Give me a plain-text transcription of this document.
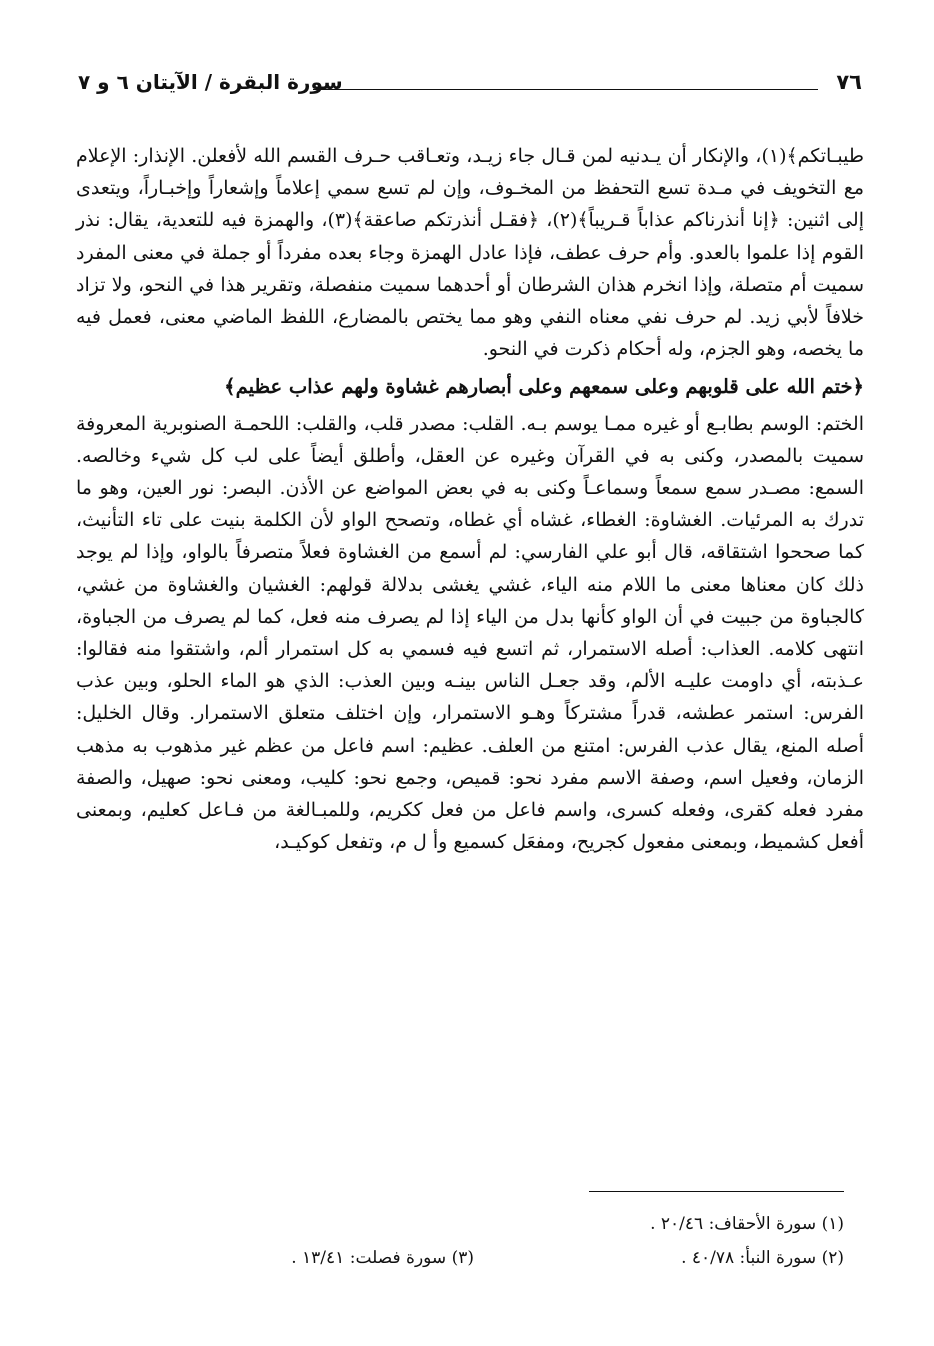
٧٦
سورة البقرة / الآيتان ٦ و ٧

طيبـاتكم﴾(١)، والإنكار أن يـدنيه لمن قـال جاء زيـد، وتعـاقب حـرف القسم الله لأفعلن. الإنذار: الإعلام مع التخويف في مـدة تسع التحفظ من المخـوف، وإن لم تسع سمي إعلاماً وإشعاراً وإخبـاراً، ويتعدى إلى اثنين: ﴿إنا أنذرناكم عذاباً قـريباً﴾(٢)، ﴿فقـل أنذرتكم صاعقة﴾(٣)، والهمزة فيه للتعدية، يقال: نذر القوم إذا علموا بالعدو. وأم حرف عطف، فإذا عادل الهمزة وجاء بعده مفرداً أو جملة في معنى المفرد سميت أم متصلة، وإذا انخرم هذان الشرطان أو أحدهما سميت منفصلة، وتقرير هذا في النحو، ولا تزاد خلافاً لأبي زيد. لم حرف نفي معناه النفي وهو مما يختص بالمضارع، اللفظ الماضي معنى، فعمل فيه ما يخصه، وهو الجزم، وله أحكام ذكرت في النحو.

﴿ختم الله على قلوبهم وعلى سمعهم وعلى أبصارهم غشاوة ولهم عذاب عظيم﴾

الختم: الوسم بطابـع أو غيره ممـا يوسم بـه. القلب: مصدر قلب، والقلب: اللحمـة الصنوبرية المعروفة سميت بالمصدر، وكنى به في القرآن وغيره عن العقل، وأطلق أيضاً على لب كل شيء وخالصه. السمع: مصـدر سمع سمعاً وسماعـاً وكنى به في بعض المواضع عن الأذن. البصر: نور العين، وهو ما تدرك به المرئيات. الغشاوة: الغطاء، غشاه أي غطاه، وتصحح الواو لأن الكلمة بنيت على تاء التأنيث، كما صححوا اشتقاقه، قال أبو علي الفارسي: لم أسمع من الغشاوة فعلاً متصرفاً بالواو، وإذا لم يوجد ذلك كان معناها معنى ما اللام منه الياء، غشي يغشى بدلالة قولهم: الغشيان والغشاوة من غشي، كالجباوة من جبيت في أن الواو كأنها بدل من الياء إذا لم يصرف منه فعل، كما لم يصرف من الجباوة، انتهى كلامه. العذاب: أصله الاستمرار، ثم اتسع فيه فسمي به كل استمرار ألم، واشتقوا منه فقالوا: عـذبته، أي داومت عليـه الألم، وقد جعـل الناس بينـه وبين العذب: الذي هو الماء الحلو، وبين عذب الفرس: استمر عطشه، قدراً مشتركاً وهـو الاستمرار، وإن اختلف متعلق الاستمرار. وقال الخليل: أصله المنع، يقال عذب الفرس: امتنع من العلف. عظيم: اسم فاعل من عظم غير مذهوب به مذهب الزمان، وفعيل اسم، وصفة الاسم مفرد نحو: قميص، وجمع نحو: كليب، ومعنى نحو: صهيل، والصفة مفرد فعله كقرى، وفعله كسرى، واسم فاعل من فعل ككريم، وللمبـالغة من فـاعل كعليم، وبمعنى أفعل كشميط، وبمعنى مفعول كجريح، ومفعَل كسميع وأ ل م، وتفعل كوكيـد،

(١) سورة الأحقاف: ٢٠/٤٦ .
(٢) سورة النبأ: ٤٠/٧٨ .
(٣) سورة فصلت: ١٣/٤١ .
